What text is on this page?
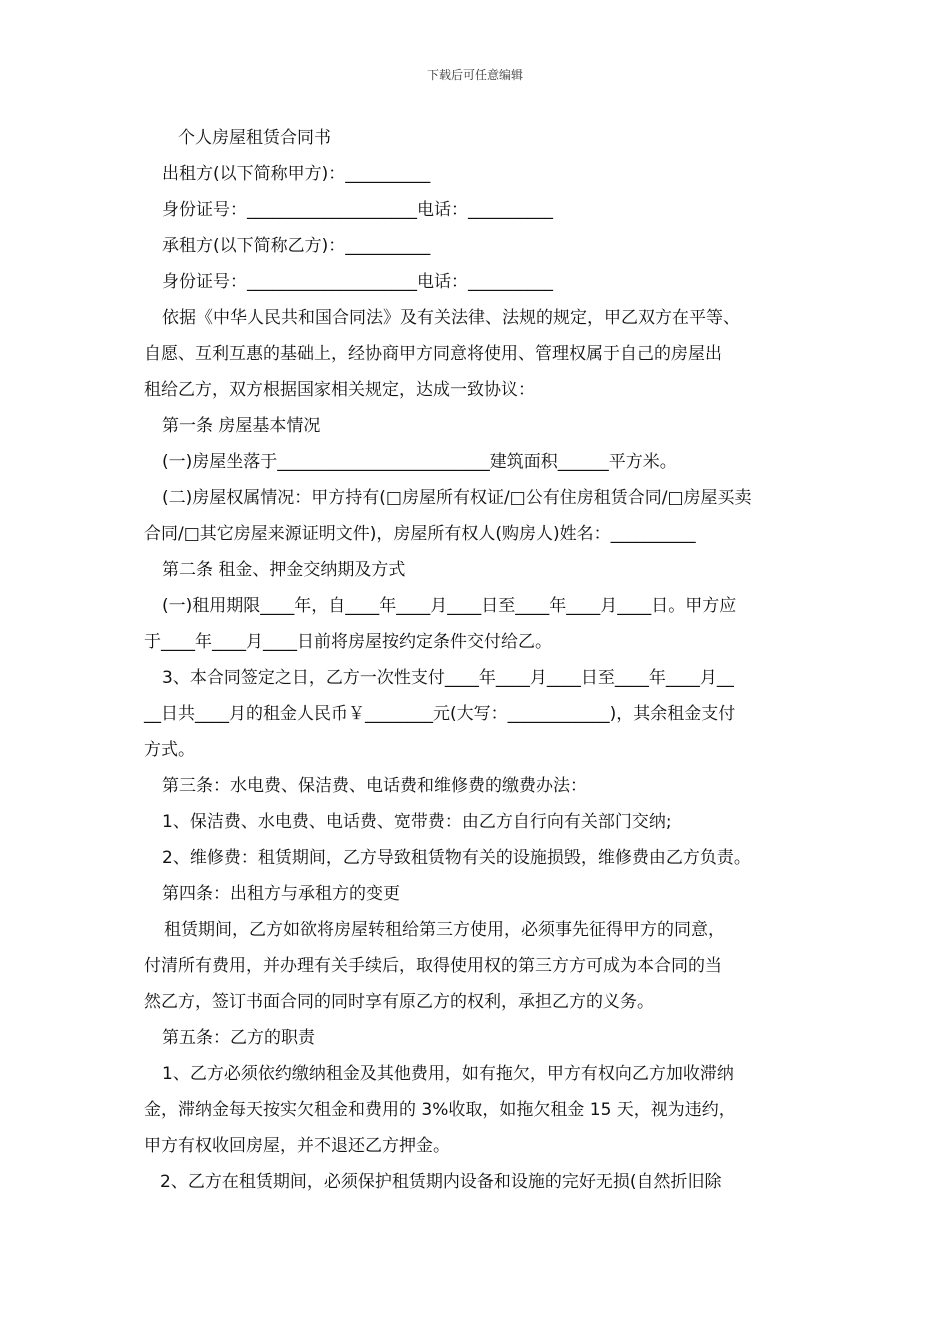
下载后可任意编辑
个人房屋租赁合同书
出租方(以下简称甲方)：__________
身份证号：____________________电话：__________
承租方(以下简称乙方)：__________
身份证号：____________________电话：__________
依据《中华人民共和国合同法》及有关法律、法规的规定，甲乙双方在平等、
自愿、互利互惠的基础上，经协商甲方同意将使用、管理权属于自己的房屋出
租给乙方，双方根据国家相关规定，达成一致协议：
第一条 房屋基本情况
(一)房屋坐落于_________________________建筑面积______平方米。
(二)房屋权属情况：甲方持有(□房屋所有权证/□公有住房租赁合同/□房屋买卖
合同/□其它房屋来源证明文件)，房屋所有权人(购房人)姓名：__________
第二条 租金、押金交纳期及方式
(一)租用期限____年，自____年____月____日至____年____月____日。甲方应
于____年____月____日前将房屋按约定条件交付给乙。
3、本合同签定之日，乙方一次性支付____年____月____日至____年____月__
__日共____月的租金人民币￥________元(大写：____________)，其余租金支付
方式。
第三条：水电费、保洁费、电话费和维修费的缴费办法：
1、保洁费、水电费、电话费、宽带费：由乙方自行向有关部门交纳;
2、维修费：租赁期间，乙方导致租赁物有关的设施损毁，维修费由乙方负责。
第四条：出租方与承租方的变更
租赁期间，乙方如欲将房屋转租给第三方使用，必须事先征得甲方的同意，
付清所有费用，并办理有关手续后，取得使用权的第三方方可成为本合同的当
然乙方，签订书面合同的同时享有原乙方的权利，承担乙方的义务。
第五条：乙方的职责
1、乙方必须依约缴纳租金及其他费用，如有拖欠，甲方有权向乙方加收滞纳
金，滞纳金每天按实欠租金和费用的 3%收取，如拖欠租金 15 天，视为违约，
甲方有权收回房屋，并不退还乙方押金。
2、乙方在租赁期间，必须保护租赁期内设备和设施的完好无损(自然折旧除
